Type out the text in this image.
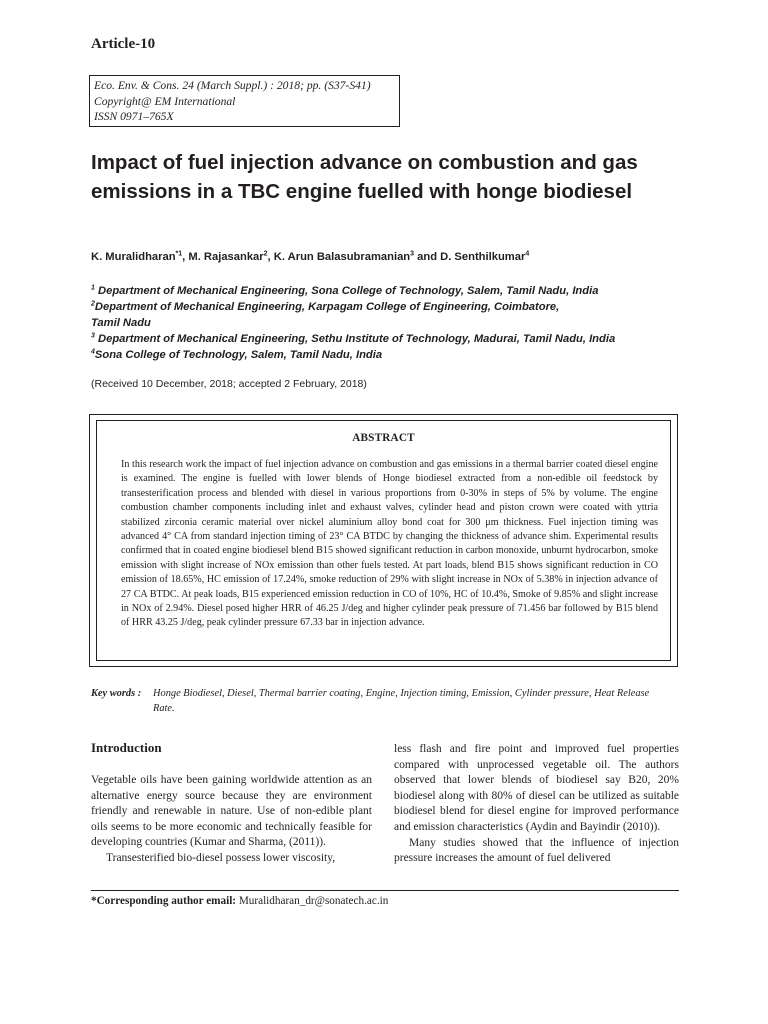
Article-10
Eco. Env. & Cons. 24 (March Suppl.) : 2018; pp. (S37-S41)
Copyright@ EM International
ISSN 0971–765X
Impact of fuel injection advance on combustion and gas emissions in a TBC engine fuelled with honge biodiesel
K. Muralidharan$^{*1}$, M. Rajasankar$^2$, K. Arun Balasubramanian$^3$ and D. Senthilkumar$^4$
$^1$ Department of Mechanical Engineering, Sona College of Technology, Salem, Tamil Nadu, India
$^2$Department of Mechanical Engineering, Karpagam College of Engineering, Coimbatore,
Tamil Nadu
$^3$ Department of Mechanical Engineering, Sethu Institute of Technology, Madurai, Tamil Nadu, India
$^4$Sona College of Technology, Salem, Tamil Nadu, India
(Received 10 December, 2018; accepted 2 February, 2018)
ABSTRACT

In this research work the impact of fuel injection advance on combustion and gas emissions in a thermal barrier coated diesel engine is examined. The engine is fuelled with lower blends of Honge biodiesel extracted from a non-edible oil feedstock by transesterification process and blended with diesel in various proportions from 0-30% in steps of 5% by volume. The engine combustion chamber components including inlet and exhaust valves, cylinder head and piston crown were coated with yttria stabilized zirconia ceramic material over nickel aluminium alloy bond coat for 300 μm thickness. Fuel injection timing was advanced 4° CA from standard injection timing of 23° CA BTDC by changing the thickness of advance shim. Experimental results confirmed that in coated engine biodiesel blend B15 showed significant reduction in carbon monoxide, unburnt hydrocarbon, smoke emission with slight increase of NOx emission than other fuels tested. At part loads, blend B15 shows significant reduction in CO emission of 18.65%, HC emission of 17.24%, smoke reduction of 29% with slight increase in NOx of 5.38% in injection advance of 27 CA BTDC. At peak loads, B15 experienced emission reduction in CO of 10%, HC of 10.4%, Smoke of 9.85% and slight increase in NOx of 2.94%. Diesel posed higher HRR of 46.25 J/deg and higher cylinder peak pressure of 71.456 bar followed by B15 blend of HRR 43.25 J/deg, peak cylinder pressure 67.33 bar in injection advance.

Key words : Honge Biodiesel, Diesel, Thermal barrier coating, Engine, Injection timing, Emission, Cylinder pressure, Heat Release Rate.
Introduction

Vegetable oils have been gaining worldwide attention as an alternative energy source because they are environment friendly and renewable in nature. Use of non-edible plant oils seems to be more economic and technically feasible for developing countries (Kumar and Sharma, (2011)).

Transesterified bio-diesel possess lower viscosity,

less flash and fire point and improved fuel properties compared with unprocessed vegetable oil. The authors observed that lower blends of biodiesel say B20, 20% biodiesel along with 80% of diesel can be utilized as suitable biodiesel blend for diesel engine for improved performance and emission characteristics (Aydin and Bayindir (2010)).

Many studies showed that the influence of injection pressure increases the amount of fuel delivered

*Corresponding author email: Muralidharan_dr@sonatech.ac.in
